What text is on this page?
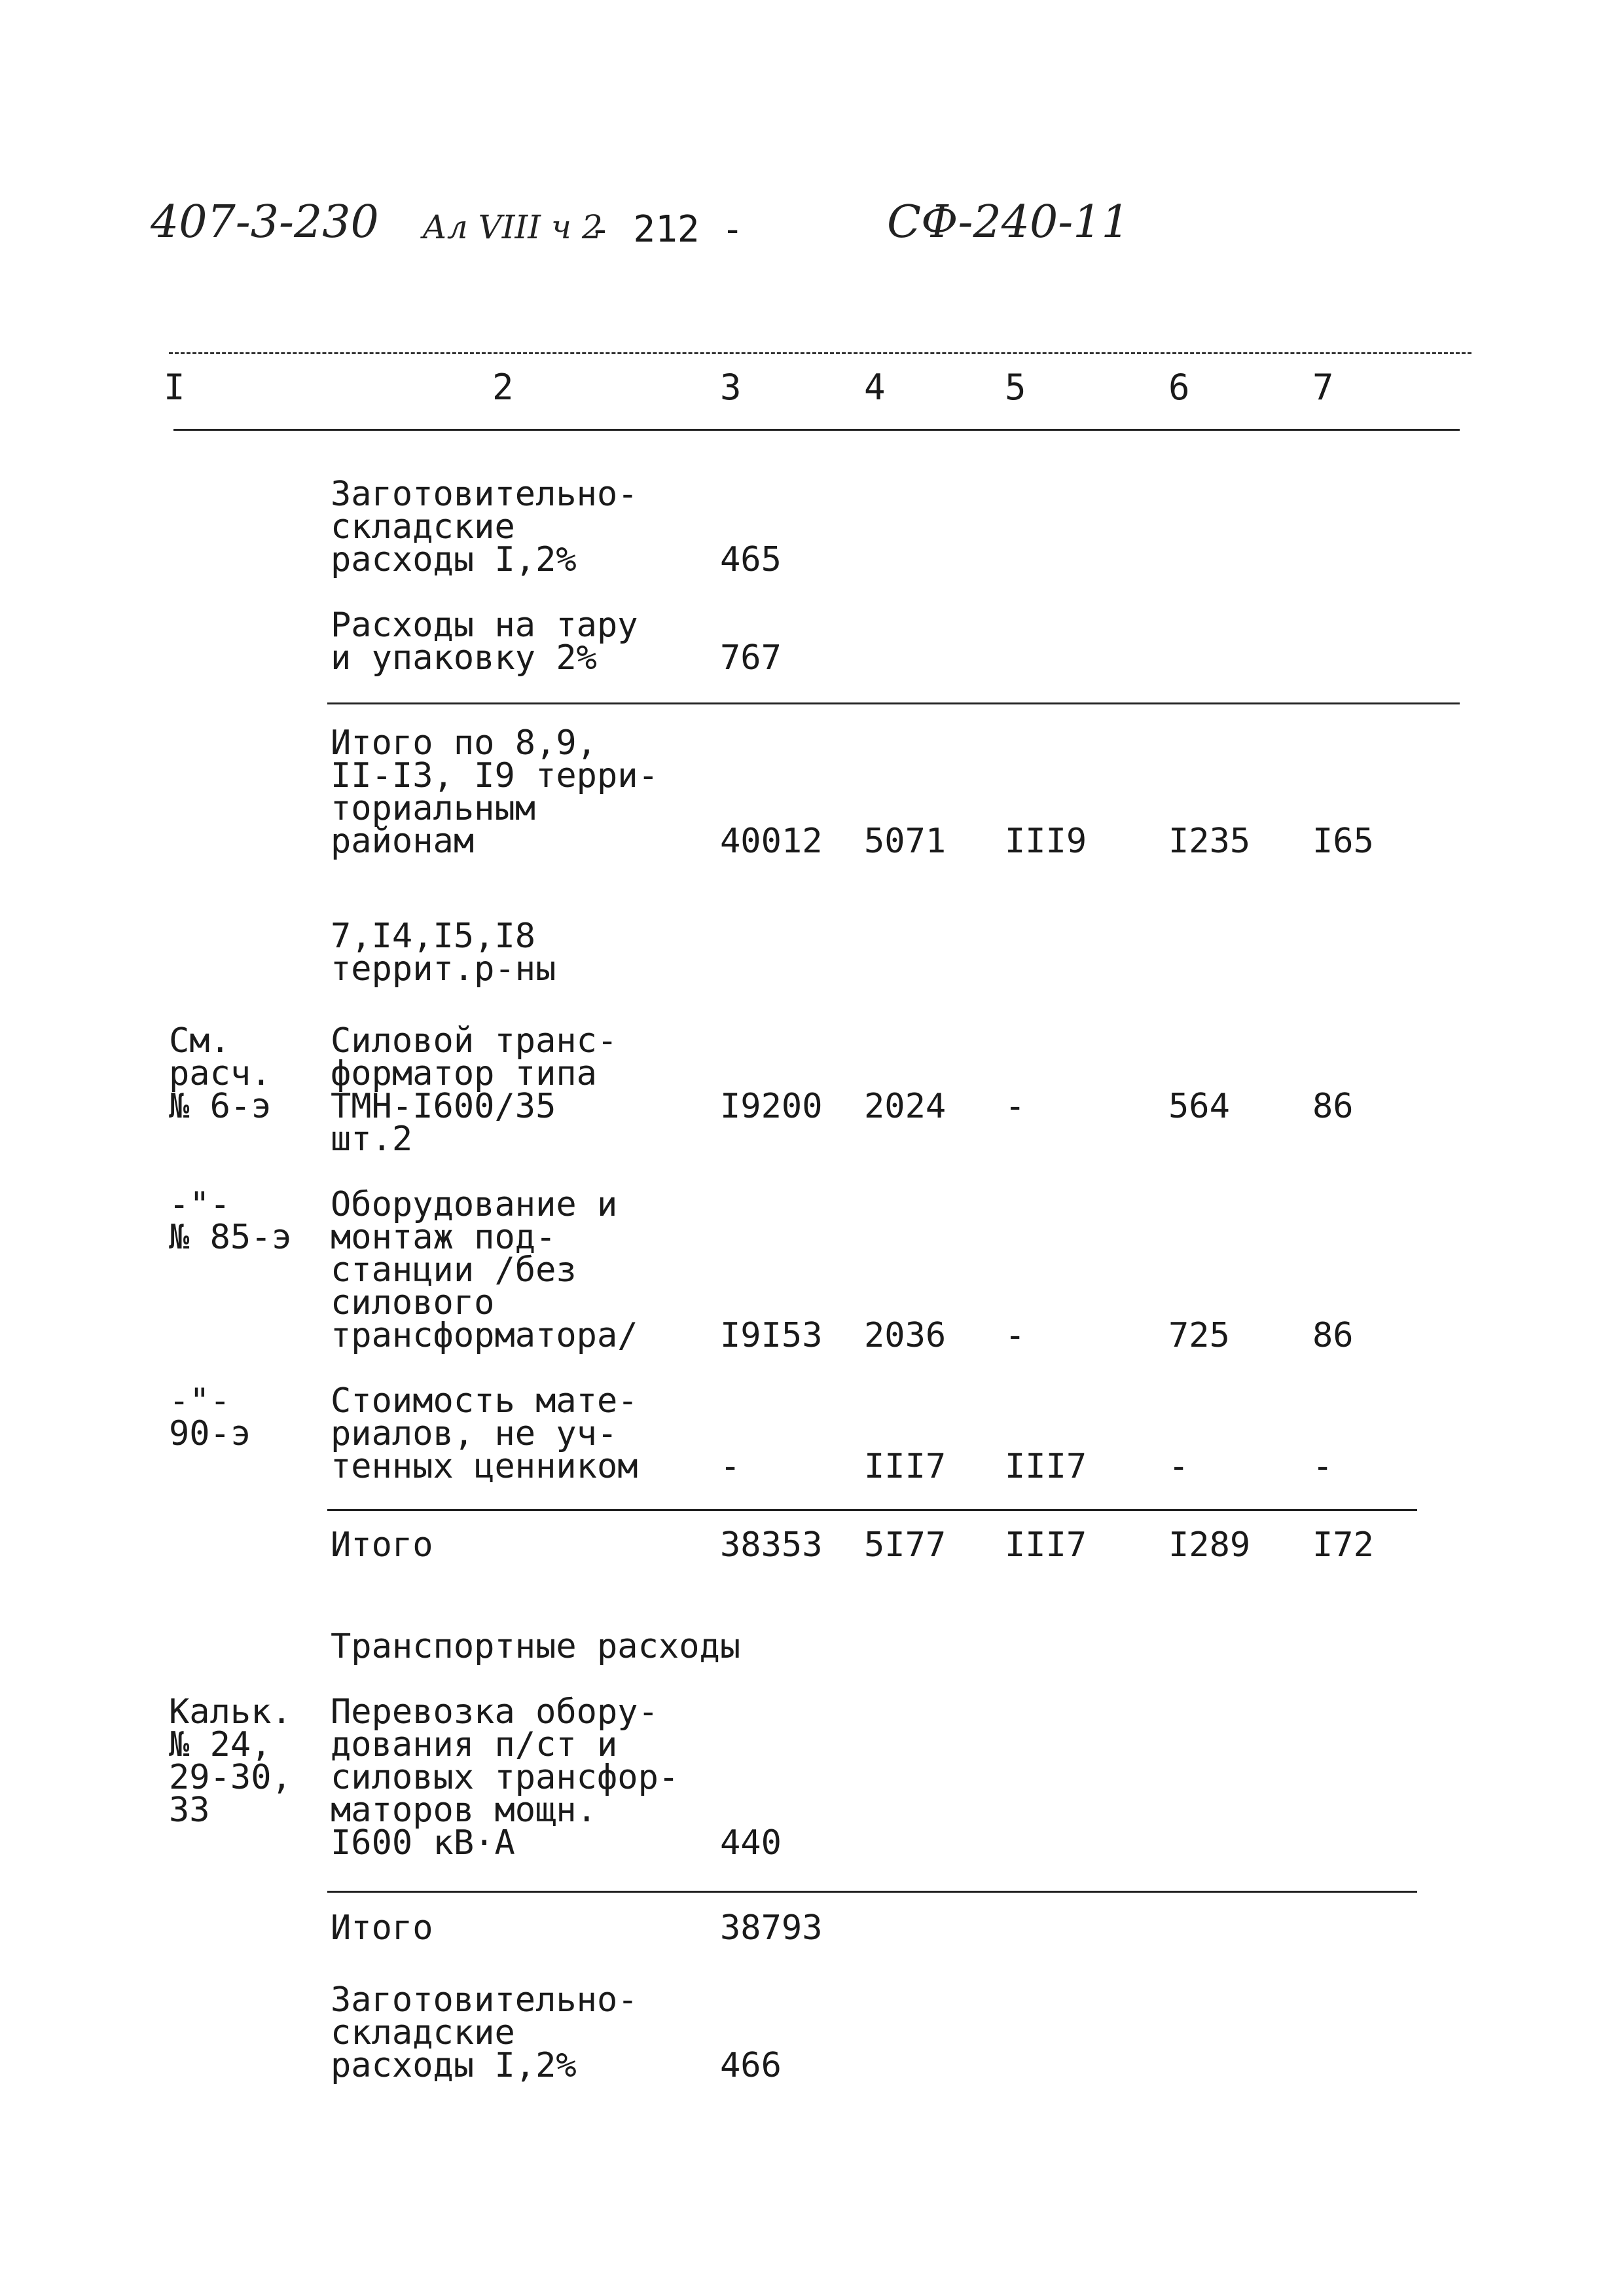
407-3-230 Ал VIII ч 2
- 212 -	СФ-240-11
I	2	3	4	5	6	7
Заготовительно-
складские
расходы I,2%	465
Расходы на тару
и упаковку 2%	767
Итого по 8,9,
II-I3, I9 терри-
ториальным
районам	40012 5071 III9 I235 I65
7,I4,I5,I8
террит.р-ны
См.
расч.
№ 6-э
Силовой транс-
форматор типа
ТМН-I600/35
шт.2
I9200 2024 -	564 86
-"-
№ 85-э
Оборудование и
монтаж под-
станции /без
силового
трансформатора/	I9I53 2036 -	725 86
-"-
90-э
Стоимость мате-
риалов, не уч-
тенных ценником	-	III7 III7 -	-
Итого	38353 5I77 III7 I289 I72
Транспортные расходы
Кальк.
№ 24,
29-30,
33
Перевозка обору-
дования п/ст и
силовых трансфор-
маторов мощн.
I600 кВ·А	440
Итого	38793
Заготовительно-
складские
расходы I,2%	466
